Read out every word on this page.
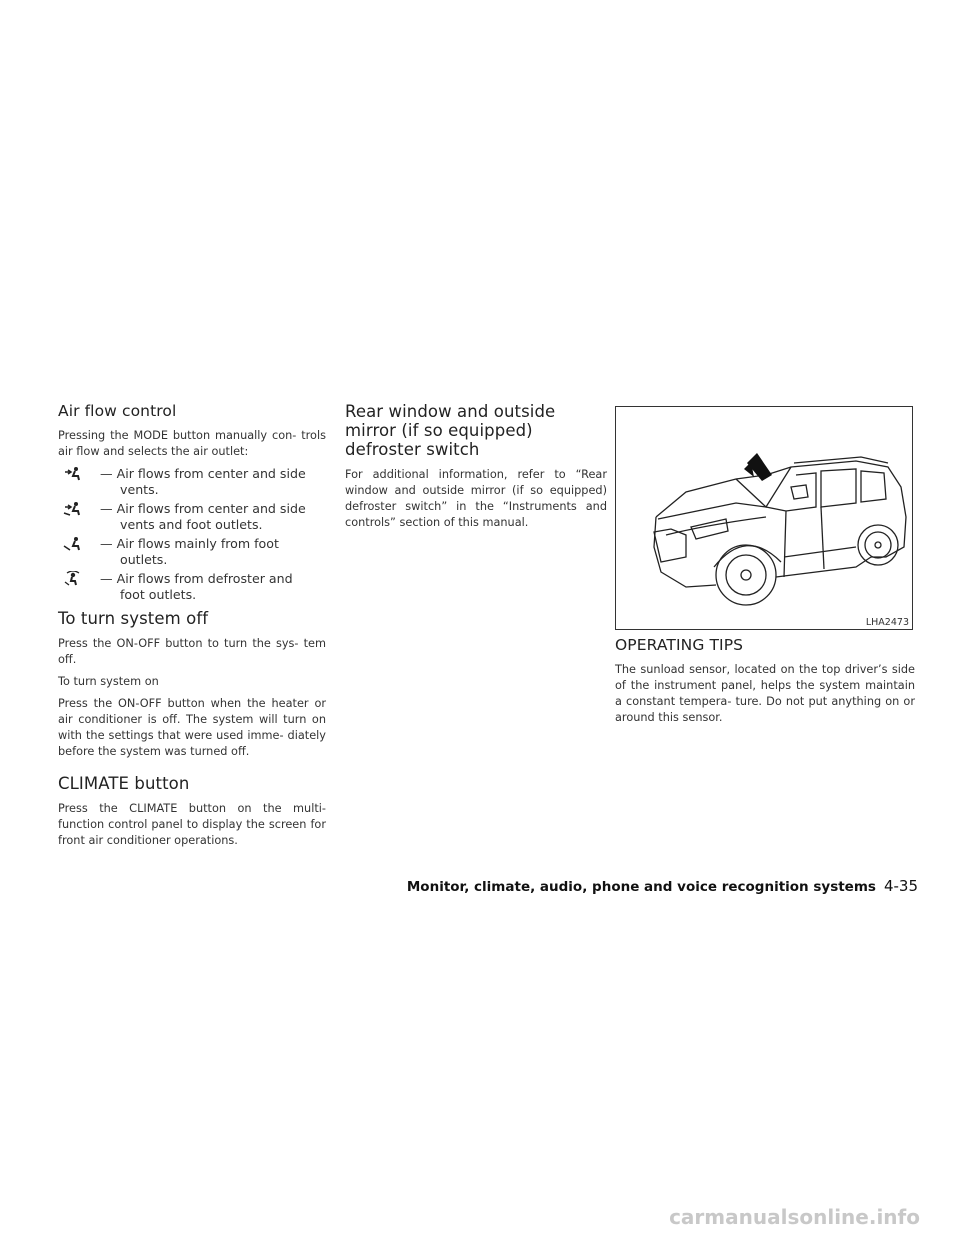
Air flow control

Pressing the MODE button manually con- trols air flow and selects the air outlet:

— Air flows from center and side

vents.
— Air flows from center and side

vents and foot outlets.
— Air flows mainly from foot

outlets.
— Air flows from defroster and

foot outlets.
To turn system off

Press the ON-OFF button to turn the sys- tem off.

To turn system on

Press the ON-OFF button when the heater or air conditioner is off. The system will turn on with the settings that were used imme- diately before the system was turned off.

CLIMATE button

Press the CLIMATE button on the multi- function control panel to display the screen for front air conditioner operations.

Rear window and outside mirror (if so equipped) defroster switch

For additional information, refer to “Rear window and outside mirror (if so equipped) defroster switch” in the “Instruments and controls” section of this manual.

LHA2473
OPERATING TIPS

The sunload sensor, located on the top driver’s side of the instrument panel, helps the system maintain a constant tempera- ture. Do not put anything on or around this sensor.

Monitor, climate, audio, phone and voice recognition systems 4-35
carmanualsonline.info
